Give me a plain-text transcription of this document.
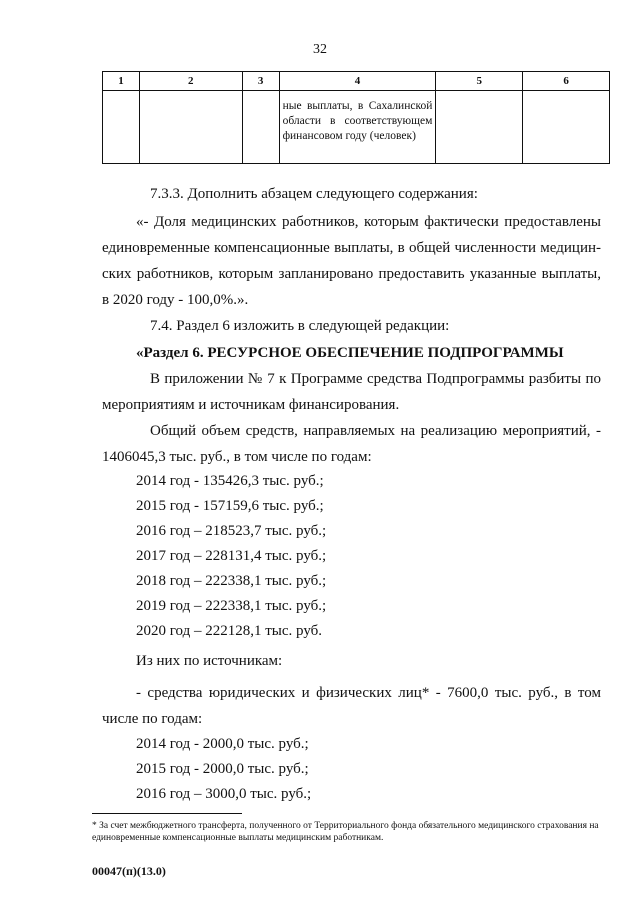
32
1	2	3	4	5	6
			ные выплаты, в Сахалинской области в соответствующем финансовом году (человек)		
7.3.3. Дополнить абзацем следующего содержания:
«- Доля медицинских работников, которым фактически предоставлены
единовременные компенсационные выплаты, в общей численности медицин-
ских работников, которым запланировано предоставить указанные выплаты,
в 2020 году - 100,0%.».
7.4. Раздел 6 изложить в следующей редакции:
«Раздел 6. РЕСУРСНОЕ ОБЕСПЕЧЕНИЕ ПОДПРОГРАММЫ
В приложении № 7 к Программе средства Подпрограммы разбиты по
мероприятиям и источникам финансирования.
Общий объем средств, направляемых на реализацию мероприятий, -
1406045,3 тыс. руб., в том числе по годам:
2014 год - 135426,3 тыс. руб.;
2015 год - 157159,6 тыс. руб.;
2016 год – 218523,7 тыс. руб.;
2017 год – 228131,4 тыс. руб.;
2018 год – 222338,1 тыс. руб.;
2019 год – 222338,1 тыс. руб.;
2020 год – 222128,1 тыс. руб.
Из них по источникам:
- средства юридических и физических лиц* - 7600,0 тыс. руб., в том
числе по годам:
2014 год - 2000,0 тыс. руб.;
2015 год - 2000,0 тыс. руб.;
2016 год – 3000,0 тыс. руб.;
* За счет межбюджетного трансферта, полученного от Территориального фонда обязательного медицинского страхования на единовременные компенсационные выплаты медицинским работникам.
00047(п)(13.0)
